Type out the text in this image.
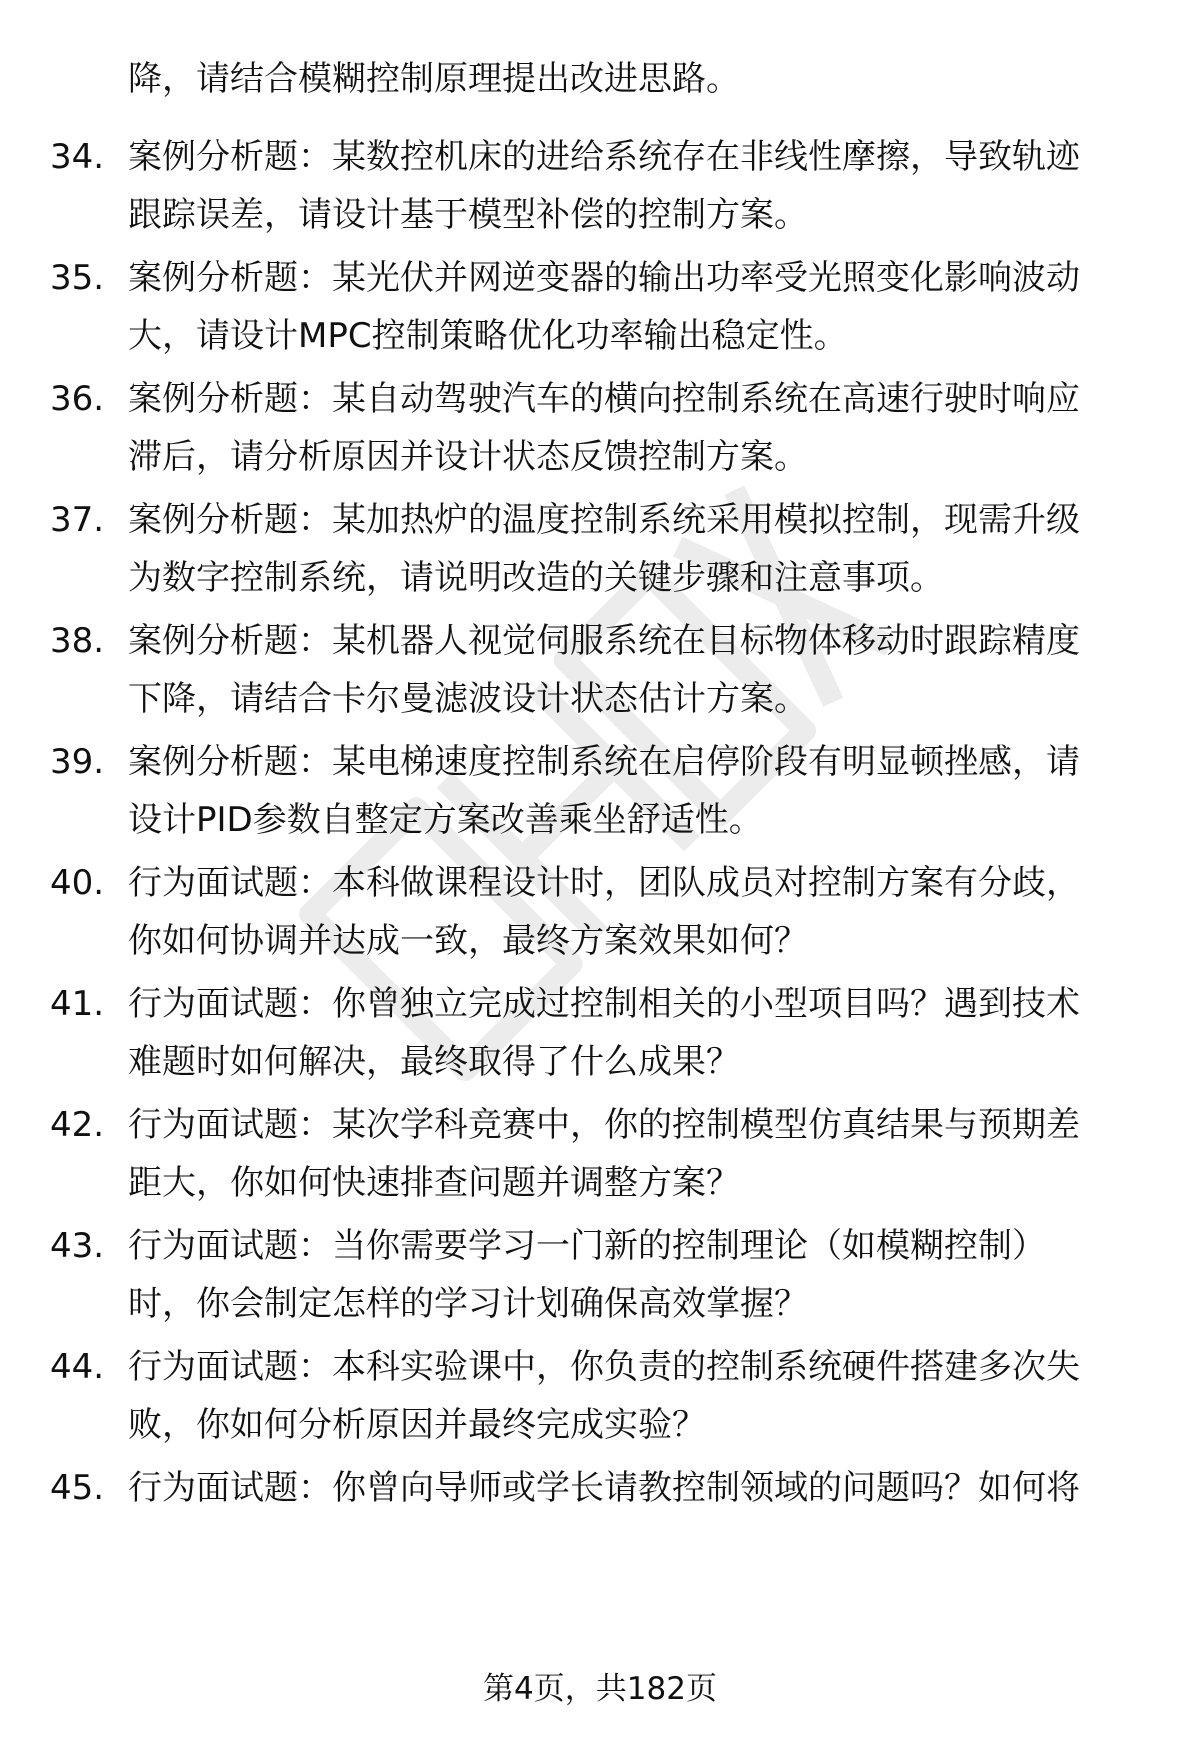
降，请结合模糊控制原理提出改进思路。
34. 案例分析题：某数控机床的进给系统存在非线性摩擦，导致轨迹
跟踪误差，请设计基于模型补偿的控制方案。
35. 案例分析题：某光伏并网逆变器的输出功率受光照变化影响波动
大，请设计MPC控制策略优化功率输出稳定性。
36. 案例分析题：某自动驾驶汽车的横向控制系统在高速行驶时响应
滞后，请分析原因并设计状态反馈控制方案。
37. 案例分析题：某加热炉的温度控制系统采用模拟控制，现需升级
为数字控制系统，请说明改造的关键步骤和注意事项。
38. 案例分析题：某机器人视觉伺服系统在目标物体移动时跟踪精度
下降，请结合卡尔曼滤波设计状态估计方案。
39. 案例分析题：某电梯速度控制系统在启停阶段有明显顿挫感，请
设计PID参数自整定方案改善乘坐舒适性。
40. 行为面试题：本科做课程设计时，团队成员对控制方案有分歧，
你如何协调并达成一致，最终方案效果如何？
41. 行为面试题：你曾独立完成过控制相关的小型项目吗？遇到技术
难题时如何解决，最终取得了什么成果？
42. 行为面试题：某次学科竞赛中，你的控制模型仿真结果与预期差
距大，你如何快速排查问题并调整方案？
43. 行为面试题：当你需要学习一门新的控制理论（如模糊控制）
时，你会制定怎样的学习计划确保高效掌握？
44. 行为面试题：本科实验课中，你负责的控制系统硬件搭建多次失
败，你如何分析原因并最终完成实验？
45. 行为面试题：你曾向导师或学长请教控制领域的问题吗？如何将
第4页，共182页
